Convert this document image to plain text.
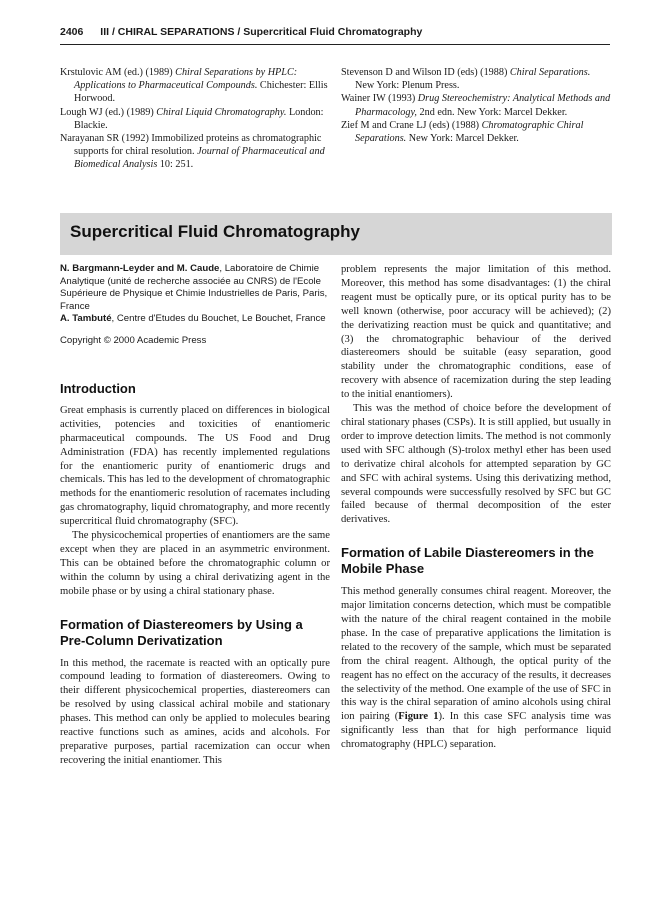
2406 III / CHIRAL SEPARATIONS / Supercritical Fluid Chromatography
Krstulovic AM (ed.) (1989) Chiral Separations by HPLC: Applications to Pharmaceutical Compounds. Chichester: Ellis Horwood.
Lough WJ (ed.) (1989) Chiral Liquid Chromatography. London: Blackie.
Narayanan SR (1992) Immobilized proteins as chromatographic supports for chiral resolution. Journal of Pharmaceutical and Biomedical Analysis 10: 251.
Stevenson D and Wilson ID (eds) (1988) Chiral Separations. New York: Plenum Press.
Wainer IW (1993) Drug Stereochemistry: Analytical Methods and Pharmacology, 2nd edn. New York: Marcel Dekker.
Zief M and Crane LJ (eds) (1988) Chromatographic Chiral Separations. New York: Marcel Dekker.
Supercritical Fluid Chromatography
N. Bargmann-Leyder and M. Caude, Laboratoire de Chimie Analytique (unité de recherche associée au CNRS) de l'Ecole Supérieure de Physique et Chimie Industrielles de Paris, Paris, France
A. Tambuté, Centre d'Etudes du Bouchet, Le Bouchet, France
Copyright © 2000 Academic Press
Introduction

Great emphasis is currently placed on differences in biological activities, potencies and toxicities of enantiomeric pharmaceutical compounds. The US Food and Drug Administration (FDA) has recently implemented regulations for the enantiomeric purity of enantiomeric drugs and chemicals. This has led to the development of chromatographic methods for the enantiomeric resolution of racemates including gas chromatography, liquid chromatography, and more recently supercritical fluid chromatography (SFC).

The physicochemical properties of enantiomers are the same except when they are placed in an asymmetric environment. This can be obtained before the chromatographic column or within the column by using a chiral derivatizing agent in the mobile phase or by using a chiral stationary phase.

Formation of Diastereomers by Using a Pre-Column Derivatization

In this method, the racemate is reacted with an optically pure compound leading to formation of diastereomers. Owing to their different physicochemical properties, diastereomers can be resolved by using classical achiral mobile and stationary phases. This method can only be applied to molecules bearing reactive functions such as amines, acids and alcohols. For preparative purposes, partial racemization can occur when recovering the initial enantiomer. This

problem represents the major limitation of this method. Moreover, this method has some disadvantages: (1) the chiral reagent must be optically pure, or its optical purity has to be well known (otherwise, poor accuracy will be achieved); (2) the derivatizing reaction must be quick and quantitative; and (3) the chromatographic behaviour of the derived diastereomers should be suitable (easy separation, good stability under the chromatographic conditions, ease of recovery with absence of racemization during the step leading to the initial enantiomers).

This was the method of choice before the development of chiral stationary phases (CSPs). It is still applied, but usually in order to improve detection limits. The method is not commonly used with SFC although (S)-trolox methyl ether has been used to derivatize chiral alcohols for attempted separation by GC and SFC with achiral systems. Using this derivatizing method, several compounds were successfully resolved by SFC but GC failed because of thermal decomposition of the ester derivatives.

Formation of Labile Diastereomers in the Mobile Phase

This method generally consumes chiral reagent. Moreover, the major limitation concerns detection, which must be compatible with the nature of the chiral reagent contained in the mobile phase. In the case of preparative applications the limitation is related to the recovery of the sample, which must be separated from the chiral reagent. Although, the optical purity of the reagent has no effect on the accuracy of the results, it decreases the selectivity of the method. One example of the use of SFC in this way is the chiral separation of amino alcohols using chiral ion pairing (Figure 1). In this case SFC analysis time was significantly less than that for high performance liquid chromatography (HPLC) separation.
